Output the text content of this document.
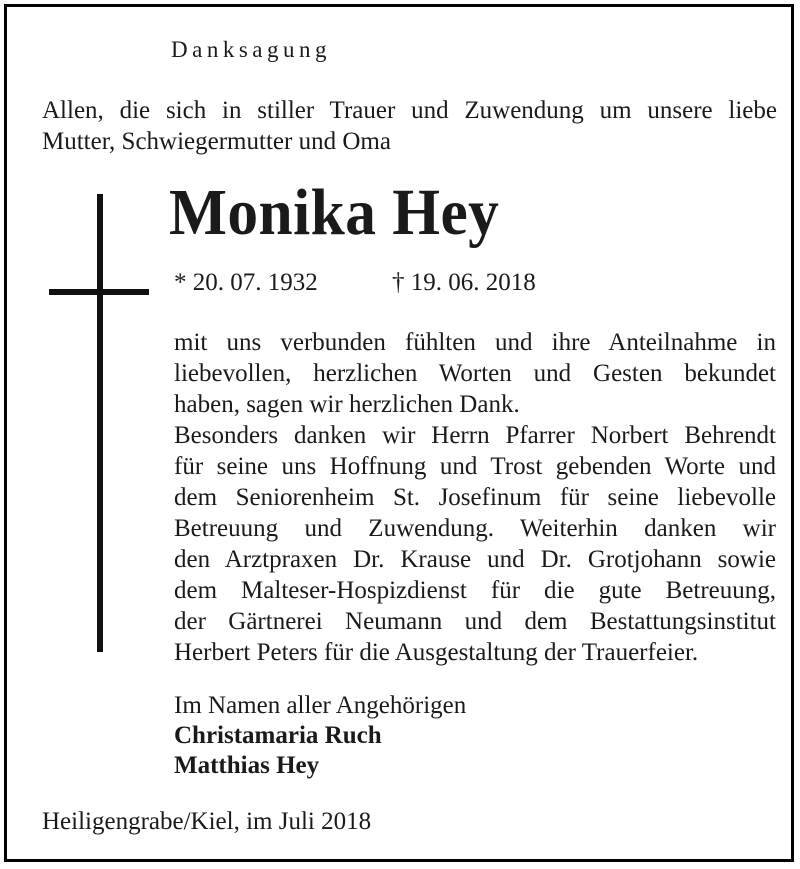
Danksagung
Allen, die sich in stiller Trauer und Zuwendung um unsere liebe
Mutter, Schwiegermutter und Oma
Monika Hey
* 20. 07. 1932	† 19. 06. 2018
mit uns verbunden fühlten und ihre Anteilnahme in
liebevollen, herzlichen Worten und Gesten bekundet
haben, sagen wir herzlichen Dank.
Besonders danken wir Herrn Pfarrer Norbert Behrendt
für seine uns Hoffnung und Trost gebenden Worte und
dem Seniorenheim St. Josefinum für seine liebevolle
Betreuung und Zuwendung. Weiterhin danken wir
den Arztpraxen Dr. Krause und Dr. Grotjohann sowie
dem Malteser-Hospizdienst für die gute Betreuung,
der Gärtnerei Neumann und dem Bestattungsinstitut
Herbert Peters für die Ausgestaltung der Trauerfeier.
Im Namen aller Angehörigen
Christamaria Ruch
Matthias Hey
Heiligengrabe/Kiel, im Juli 2018
